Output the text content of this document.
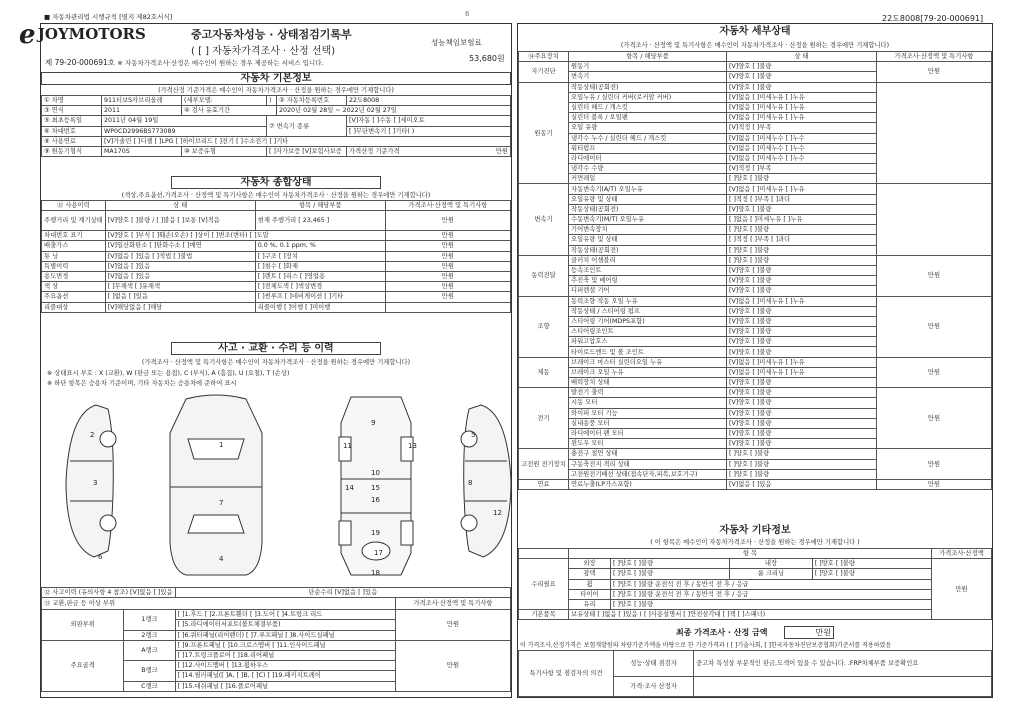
■ 자동차관리법 시행규칙 [별지 제82호서식]	6	22도8008[79-20-000691]
e JOYMOTORS	중고자동차성능 · 상태점검기록부
( [ ] 자동차가격조사 · 산정 선택)
성능책임보험료
53,680원
제 79-20-000691호 ※ 자동차가격조사·산정은 매수인이 원하는 경우 제공하는 서비스 입니다.
자동차 기본정보
(가격산정 기준가격은 매수인이 자동차가격조사 · 산정을 원하는 경우에만 기재합니다)
① 차명	911터보S카브리올레	(세부모델:	)	② 자동차등록번호	22도8008
③ 연식	2011	④ 검사 유효기간		2020년 02월 28일 ~ 2022년 02월 27일	
⑤ 최초등록일	2011년 04월 19일		⑦ 변속기 종류		[V]자동 [ ]수동 [ ]세미오토
⑥ 차대번호	WP0CD2996BS773089				[ ]무단변속기 [ ]기타( )
⑧ 사용연료	[V]가솔린 [ ]디젤 [ ]LPG [ ]하이브리드 [ ]전기 [ ]수소전기 [ ]기타				
⑨ 원동기형식	MA170S	⑩ 보증유형	[ ]자가보증 [V]보험사보증		가격산정 기준가격 만원
자동차 종합상태
(색상,주요옵션,가격조사 · 산정액 및 특기사항은 매수인이 자동차가격조사 · 산정을 원하는 경우에만 기재합니다)
⑪ 사용이력	상 태	항목 / 해당부품	가격조사·산정액 및 특기사항
주행거리 및 계기상태	[V]양호 [ ]불량 / [ ]많음 [ ]보통 [V]적음	현재 주행거리 [ 23,465 ]	만원
차대번호 표기	[V]양호 [ ]부식 [ ]훼손(오손) [ ]상이 [ ]변조(변타) [ ]도말		만원
배출가스	[V]일산화탄소 [ ]탄화수소 [ ]매연	0.0 %, 0.1 ppm, %	만원
튜 닝	[V]없음 [ ]있음 [ ]적법 [ ]불법	[ ]구조 [ ]장치	만원
특별이력	[V]없음 [ ]있음	[ ]침수 [ ]화재	만원
용도변경	[V]없음 [ ]있음	[ ]렌트 [ ]리스 [ ]영업용	만원
색 상	[ ]무채색 [ ]유채색	[ ]전체도색 [ ]색상변경	만원
주요옵션	[ ]없음 [ ]있음	[ ]썬루프 [ ]네비게이션 [ ]기타	만원
리콜대상	[V]해당없음 [ ]해당	리콜이행 [ ]이행 [ ]미이행	
사고 · 교환 · 수리 등 이력
(가격조사 · 산정액 및 특기사항은 매수인이 자동차가격조사 · 산정을 원하는 경우에만 기재합니다)
※ 상태표시 부호 : X (교환), W (판금 또는 용접), C (부식), A (흠집), U (요철), T (손상)
※ 하단 항목은 승용차 기준이며, 기타 자동차는 승용차에 준하여 표시
2
3
6
1
7
4
9
11	13
10
14 15
16
19
17
18
5
8
12
⑫ 사고이력 (유의사항 4 참조) [V]없음 [ ]있음		단순수리 [V]없음 [ ]있음	
⑬ 교환,판금 등 이상 부위			가격조사·산정액 및 특기사항
외판부위	1랭크	[ ]1.후드 [ ]2.프론트휀더 [ ]3.도어 [ ]4.트렁크 리드	만원
		[ ]5.라디에이터서포트(볼트체결부품)	
	2랭크	[ ]6.쿼터패널(리어펜더) [ ]7.루프패널 [ ]8.사이드실패널	
주요골격	A랭크	[ ]9.프론트패널 [ ]10.크로스멤버 [ ]11.인사이드패널	만원
		[ ]17.트렁크플로어 [ ]18.리어패널	
	B랭크	[ ]12.사이드멤버 [ ]13.휠하우스	
		[ ]14.필러패널([ ]A, [ ]B, [ ]C) [ ]19.패키지트레이	
	C랭크	[ ]15.대쉬패널 [ ]16.플로어패널	
자동차 세부상태
(가격조사 · 산정액 및 특기사항은 매수인이 자동차가격조사 · 산정을 원하는 경우에만 기재합니다)
⑭주요장치	항목 / 해당부품	상 태	가격조사·산정액 및 특기사항
자기진단	원동기	[V]양호 [ ]불량	만원
	변속기	[V]양호 [ ]불량	
원동기	작동상태(공회전)	[V]양호 [ ]불량	
	오일누유 / 실린더 커버(로커암 커버)	[V]없음 [ ]미세누유 [ ]누유	
	실린더 헤드 / 개스킷	[V]없음 [ ]미세누유 [ ]누유	
	실린더 블록 / 오일팬	[V]없음 [ ]미세누유 [ ]누유	
	오일 유량	[V]적정 [ ]부족	
	냉각수 누수 / 실린더 헤드 / 개스킷	[V]없음 [ ]미세누수 [ ]누수	
	워터펌프	[V]없음 [ ]미세누수 [ ]누수	
	라디에이터	[V]없음 [ ]미세누수 [ ]누수	
	냉각수 수량	[V]적정 [ ]부족	
	커먼레일	[ ]양호 [ ]불량	
변속기	자동변속기(A/T) 오일누유	[V]없음 [ ]미세누유 [ ]누유	
	오일유량 및 상태	[ ]적정 [ ]부족 [ ]과다	
	작동상태(공회전)	[V]양호 [ ]불량	
	수동변속기(M/T) 오일누유	[ ]없음 [ ]미세누유 [ ]누유	
	기어변속장치	[ ]양호 [ ]불량	
	오일유량 및 상태	[ ]적정 [ ]부족 [ ]과다	
	작동상태(공회전)	[ ]양호 [ ]불량	
동력전달	클러치 어셈블리	[ ]양호 [ ]불량	만원
	등속조인트	[V]양호 [ ]불량	
	추진축 및 베어링	[V]양호 [ ]불량	
	디퍼렌셜 기어	[V]양호 [ ]불량	
조향	동력조향 작동 오일 누유	[V]없음 [ ]미세누유 [ ]누유	만원
	작동상태 / 스티어링 펌프	[V]양호 [ ]불량	
	스티어링 기어(MDPS포함)	[V]양호 [ ]불량	
	스티어링조인트	[V]양호 [ ]불량	
	파워고압호스	[V]양호 [ ]불량	
	타이로드엔드 및 볼 조인트	[V]양호 [ ]불량	
제동	브레이크 마스터 실린더오일 누유	[V]없음 [ ]미세누유 [ ]누유	만원
	브레이크 오일 누유	[V]없음 [ ]미세누유 [ ]누유	
	배력장치 상태	[V]양호 [ ]불량	
전기	발전기 출력	[V]양호 [ ]불량	만원
	시동 모터	[V]양호 [ ]불량	
	와이퍼 모터 기능	[V]양호 [ ]불량	
	실내송풍 모터	[V]양호 [ ]불량	
	라디에이터 팬 모터	[V]양호 [ ]불량	
	윈도우 모터	[V]양호 [ ]불량	
고전원 전기장치	충전구 절연 상태	[ ]양호 [ ]불량	만원
	구동축전지 격리 상태	[ ]양호 [ ]불량	
	고전원전기배선 상태(접속단자,피복,보호기구)	[ ]양호 [ ]불량	
연료	연료누출(LP가스포함)	[V]없음 [ ]있음	만원
자동차 기타정보
( 이 항목은 매수인이 자동차가격조사 · 산정을 원하는 경우에만 기재합니다 )
	항 목				가격조사·산정액
수리필요	외장	[ ]양호 [ ]불량	내장	[ ]양호 [ ]불량	만원
	광택	[ ]양호 [ ]불량	룸 크리닝	[ ]양호 [ ]불량	
	휠	[ ]양호 [ ]불량 운전석 전 후 / 동반석 전 후 / 응급			
	타이어	[ ]양호 [ ]불량 운전석 전 후 / 동반석 전 후 / 응급			
	유리	[ ]양호 [ ]불량			
기본품목	보유상태 [ ]없음 [ ]있음 ( [ ]사용설명서 [ ]안전삼각대 [ ]잭 [ ]스패너)				
최종 가격조사 · 산정 금액	만원
이 가격조사,산정가격은 보험개발원의 차량기준가액을 바탕으로 한 기준가격과 ( [ ]기술사회, [ ]한국자동차진단보증협회)기준서를 적용하였음
특기사항 및 점검자의 의견	성능·상태 점검자	중고차 특성상 부분적인 판금,도색이 있을 수 있습니다. .FRP차체부품 보증확인요
	가격·조사 산정자	
